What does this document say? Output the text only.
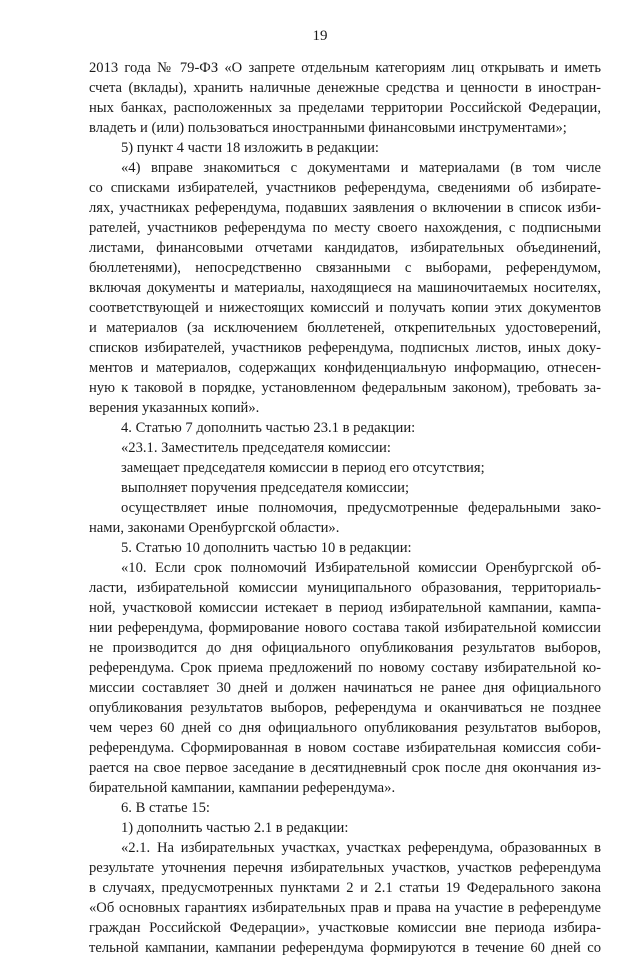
19
2013 года № 79-ФЗ «О запрете отдельным категориям лиц открывать и иметь
счета (вклады), хранить наличные денежные средства и ценности в иностран-
ных банках, расположенных за пределами территории Российской Федерации,
владеть и (или) пользоваться иностранными финансовыми инструментами»;
5) пункт 4 части 18 изложить в редакции:
«4) вправе знакомиться с документами и материалами (в том числе
со списками избирателей, участников референдума, сведениями об избирате-
лях, участниках референдума, подавших заявления о включении в список изби-
рателей, участников референдума по месту своего нахождения, с подписными
листами, финансовыми отчетами кандидатов, избирательных объединений,
бюллетенями), непосредственно связанными с выборами, референдумом,
включая документы и материалы, находящиеся на машиночитаемых носителях,
соответствующей и нижестоящих комиссий и получать копии этих документов
и материалов (за исключением бюллетеней, открепительных удостоверений,
списков избирателей, участников референдума, подписных листов, иных доку-
ментов и материалов, содержащих конфиденциальную информацию, отнесен-
ную к таковой в порядке, установленном федеральным законом), требовать за-
верения указанных копий».
4. Статью 7 дополнить частью 23.1 в редакции:
«23.1. Заместитель председателя комиссии:
замещает председателя комиссии в период его отсутствия;
выполняет поручения председателя комиссии;
осуществляет иные полномочия, предусмотренные федеральными зако-
нами, законами Оренбургской области».
5. Статью 10 дополнить частью 10 в редакции:
«10. Если срок полномочий Избирательной комиссии Оренбургской об-
ласти, избирательной комиссии муниципального образования, территориаль-
ной, участковой комиссии истекает в период избирательной кампании, кампа-
нии референдума, формирование нового состава такой избирательной комиссии
не производится до дня официального опубликования результатов выборов,
референдума. Срок приема предложений по новому составу избирательной ко-
миссии составляет 30 дней и должен начинаться не ранее дня официального
опубликования результатов выборов, референдума и оканчиваться не позднее
чем через 60 дней со дня официального опубликования результатов выборов,
референдума. Сформированная в новом составе избирательная комиссия соби-
рается на свое первое заседание в десятидневный срок после дня окончания из-
бирательной кампании, кампании референдума».
6. В статье 15:
1) дополнить частью 2.1 в редакции:
«2.1. На избирательных участках, участках референдума, образованных в
результате уточнения перечня избирательных участков, участков референдума
в случаях, предусмотренных пунктами 2 и 2.1 статьи 19 Федерального закона
«Об основных гарантиях избирательных прав и права на участие в референдуме
граждан Российской Федерации», участковые комиссии вне периода избира-
тельной кампании, кампании референдума формируются в течение 60 дней со
